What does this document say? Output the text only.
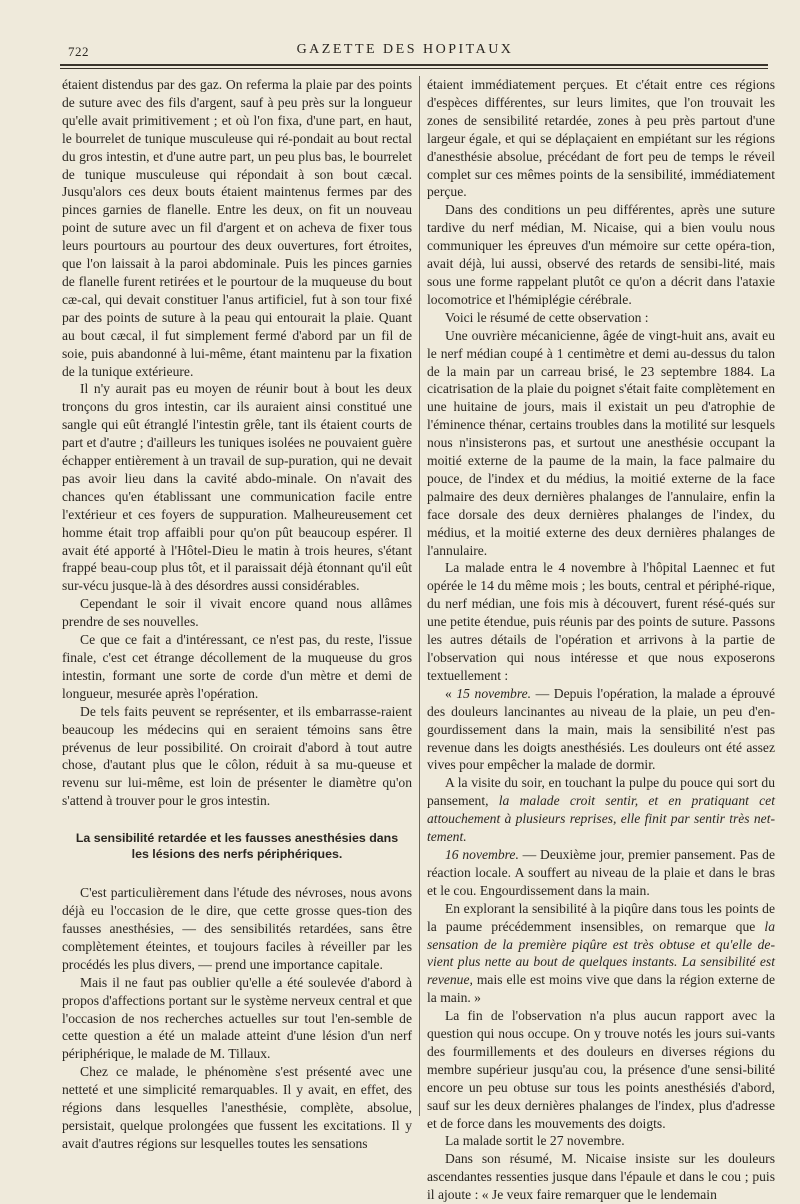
722	GAZETTE DES HOPITAUX

étaient distendus par des gaz. On referma la plaie par des points de suture avec des fils d'argent, sauf à peu près sur la longueur qu'elle avait primitivement ; et où l'on fixa, d'une part, en haut, le bourrelet de tunique musculeuse qui ré-pondait au bout rectal du gros intestin, et d'une autre part, un peu plus bas, le bourrelet de tunique musculeuse qui répondait à son bout cæcal. Jusqu'alors ces deux bouts étaient maintenus fermes par des pinces garnies de flanelle. Entre les deux, on fit un nouveau point de suture avec un fil d'argent et on acheva de fixer tous leurs pourtours au pourtour des deux ouvertures, fort étroites, que l'on laissait à la paroi abdominale. Puis les pinces garnies de flanelle furent retirées et le pourtour de la muqueuse du bout cæ-cal, qui devait constituer l'anus artificiel, fut à son tour fixé par des points de suture à la peau qui entourait la plaie. Quant au bout cæcal, il fut simplement fermé d'abord par un fil de soie, puis abandonné à lui-même, étant maintenu par la fixation de la tunique extérieure.

Il n'y aurait pas eu moyen de réunir bout à bout les deux tronçons du gros intestin, car ils auraient ainsi constitué une sangle qui eût étranglé l'intestin grêle, tant ils étaient courts de part et d'autre ; d'ailleurs les tuniques isolées ne pouvaient guère échapper entièrement à un travail de sup-puration, qui ne devait pas avoir lieu dans la cavité abdo-minale. On n'avait des chances qu'en établissant une communication facile entre l'extérieur et ces foyers de suppuration. Malheureusement cet homme était trop affaibli pour qu'on pût beaucoup espérer. Il avait été apporté à l'Hôtel-Dieu le matin à trois heures, s'étant frappé beau-coup plus tôt, et il paraissait déjà étonnant qu'il eût sur-vécu jusque-là à des désordres aussi considérables.

Cependant le soir il vivait encore quand nous allâmes prendre de ses nouvelles.

Ce que ce fait a d'intéressant, ce n'est pas, du reste, l'issue finale, c'est cet étrange décollement de la muqueuse du gros intestin, formant une sorte de corde d'un mètre et demi de longueur, mesurée après l'opération.

De tels faits peuvent se représenter, et ils embarrasse-raient beaucoup les médecins qui en seraient témoins sans être prévenus de leur possibilité. On croirait d'abord à tout autre chose, d'autant plus que le côlon, réduit à sa mu-queuse et revenu sur lui-même, est loin de présenter le diamètre qu'on s'attend à trouver pour le gros intestin.

La sensibilité retardée et les fausses anesthésies dans
les lésions des nerfs périphériques.

C'est particulièrement dans l'étude des névroses, nous avons déjà eu l'occasion de le dire, que cette grosse ques-tion des fausses anesthésies, — des sensibilités retardées, sans être complètement éteintes, et toujours faciles à réveiller par les procédés les plus divers, — prend une importance capitale.

Mais il ne faut pas oublier qu'elle a été soulevée d'abord à propos d'affections portant sur le système nerveux central et que l'occasion de nos recherches actuelles sur tout l'en-semble de cette question a été un malade atteint d'une lésion d'un nerf périphérique, le malade de M. Tillaux.

Chez ce malade, le phénomène s'est présenté avec une netteté et une simplicité remarquables. Il y avait, en effet, des régions dans lesquelles l'anesthésie, complète, absolue, persistait, quelque prolongées que fussent les excitations. Il y avait d'autres régions sur lesquelles toutes les sensations

étaient immédiatement perçues. Et c'était entre ces régions d'espèces différentes, sur leurs limites, que l'on trouvait les zones de sensibilité retardée, zones à peu près partout d'une largeur égale, et qui se déplaçaient en empiétant sur les régions d'anesthésie absolue, précédant de fort peu de temps le réveil complet sur ces mêmes points de la sensibilité, immédiatement perçue.

Dans des conditions un peu différentes, après une suture tardive du nerf médian, M. Nicaise, qui a bien voulu nous communiquer les épreuves d'un mémoire sur cette opéra-tion, avait déjà, lui aussi, observé des retards de sensibi-lité, mais sous une forme rappelant plutôt ce qu'on a décrit dans l'ataxie locomotrice et l'hémiplégie cérébrale.

Voici le résumé de cette observation :

Une ouvrière mécanicienne, âgée de vingt-huit ans, avait eu le nerf médian coupé à 1 centimètre et demi au-dessus du talon de la main par un carreau brisé, le 23 septembre 1884. La cicatrisation de la plaie du poignet s'était faite complètement en une huitaine de jours, mais il existait un peu d'atrophie de l'éminence thénar, certains troubles dans la motilité sur lesquels nous n'insisterons pas, et surtout une anesthésie occupant la moitié externe de la paume de la main, la face palmaire du pouce, de l'index et du médius, la moitié externe de la face palmaire des deux dernières phalanges de l'annulaire, enfin la face dorsale des deux dernières phalanges de l'index, du médius, et la moitié externe des deux dernières phalanges de l'annulaire.

La malade entra le 4 novembre à l'hôpital Laennec et fut opérée le 14 du même mois ; les bouts, central et périphé-rique, du nerf médian, une fois mis à découvert, furent résé-qués sur une petite étendue, puis réunis par des points de suture. Passons les autres détails de l'opération et arrivons à la partie de l'observation qui nous intéresse et que nous exposerons textuellement :

« 15 novembre. — Depuis l'opération, la malade a éprouvé des douleurs lancinantes au niveau de la plaie, un peu d'en-gourdissement dans la main, mais la sensibilité n'est pas revenue dans les doigts anesthésiés. Les douleurs ont été assez vives pour empêcher la malade de dormir.

A la visite du soir, en touchant la pulpe du pouce qui sort du pansement, la malade croit sentir, et en pratiquant cet attouchement à plusieurs reprises, elle finit par sentir très net-tement.

16 novembre. — Deuxième jour, premier pansement. Pas de réaction locale. A souffert au niveau de la plaie et dans le bras et le cou. Engourdissement dans la main.

En explorant la sensibilité à la piqûre dans tous les points de la paume précédemment insensibles, on remarque que la sensation de la première piqûre est très obtuse et qu'elle de-vient plus nette au bout de quelques instants. La sensibilité est revenue, mais elle est moins vive que dans la région externe de la main. »

La fin de l'observation n'a plus aucun rapport avec la question qui nous occupe. On y trouve notés les jours sui-vants des fourmillements et des douleurs en diverses régions du membre supérieur jusqu'au cou, la présence d'une sensi-bilité encore un peu obtuse sur tous les points anesthésiés d'abord, sauf sur les deux dernières phalanges de l'index, plus d'adresse et de force dans les mouvements des doigts.

La malade sortit le 27 novembre.

Dans son résumé, M. Nicaise insiste sur les douleurs ascendantes ressenties jusque dans l'épaule et dans le cou ; puis il ajoute : « Je veux faire remarquer que le lendemain
